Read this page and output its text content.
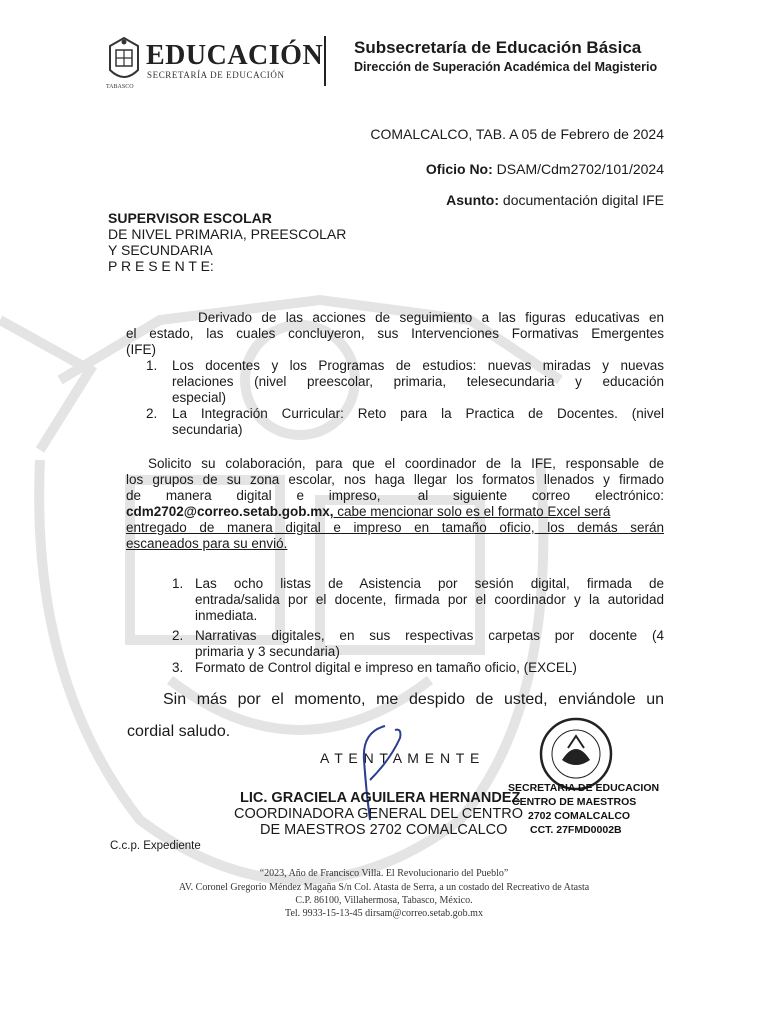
TABASCO
EDUCACIÓN
SECRETARÍA DE EDUCACIÓN
Subsecretaría de Educación Básica
Dirección de Superación Académica del Magisterio
COMALCALCO, TAB. A 05 de Febrero de 2024
Oficio No: DSAM/Cdm2702/101/2024
Asunto: documentación digital IFE
SUPERVISOR ESCOLAR
DE NIVEL PRIMARIA, PREESCOLAR
Y SECUNDARIA
P R E S E N T E:
Derivado de las acciones de seguimiento a las figuras educativas en
el estado, las cuales concluyeron, sus Intervenciones Formativas Emergentes
(IFE)
1. Los docentes y los Programas de estudios: nuevas miradas y nuevas
relaciones (nivel preescolar, primaria, telesecundaria y educación
especial)
2. La Integración Curricular: Reto para la Practica de Docentes. (nivel
secundaria)
Solicito su colaboración, para que el coordinador de la IFE, responsable de
los grupos de su zona escolar, nos haga llegar los formatos llenados y firmado
de    manera    digital    e    impreso,      al    siguiente    correo    electrónico:
cdm2702@correo.setab.gob.mx, cabe mencionar solo es el formato Excel será
entregado de manera digital e impreso en tamaño oficio, los demás serán
escaneados para su envió.
1. Las ocho listas de Asistencia por sesión digital, firmada de
entrada/salida por el docente, firmada por el coordinador y la autoridad
inmediata.
2. Narrativas digitales, en sus respectivas carpetas por docente (4
primaria y 3 secundaria)
3. Formato de Control digital e impreso en tamaño oficio, (EXCEL)
Sin más por el momento, me despido de usted, enviándole un
cordial saludo.
A T E N T A M E N T E
LIC. GRACIELA AGUILERA HERNANDEZ
COORDINADORA GENERAL DEL CENTRO
DE MAESTROS 2702 COMALCALCO
SECRETARIA DE EDUCACION
CENTRO DE MAESTROS
2702 COMALCALCO
CCT. 27FMD0002B
C.c.p. Expediente
“2023, Año de Francisco Villa. El Revolucionario del Pueblo”
AV. Coronel Gregorio Méndez Magaña S/n Col. Atasta de Serra, a un costado del Recreativo de Atasta
C.P. 86100, Villahermosa, Tabasco, México.
Tel. 9933-15-13-45 dirsam@correo.setab.gob.mx
